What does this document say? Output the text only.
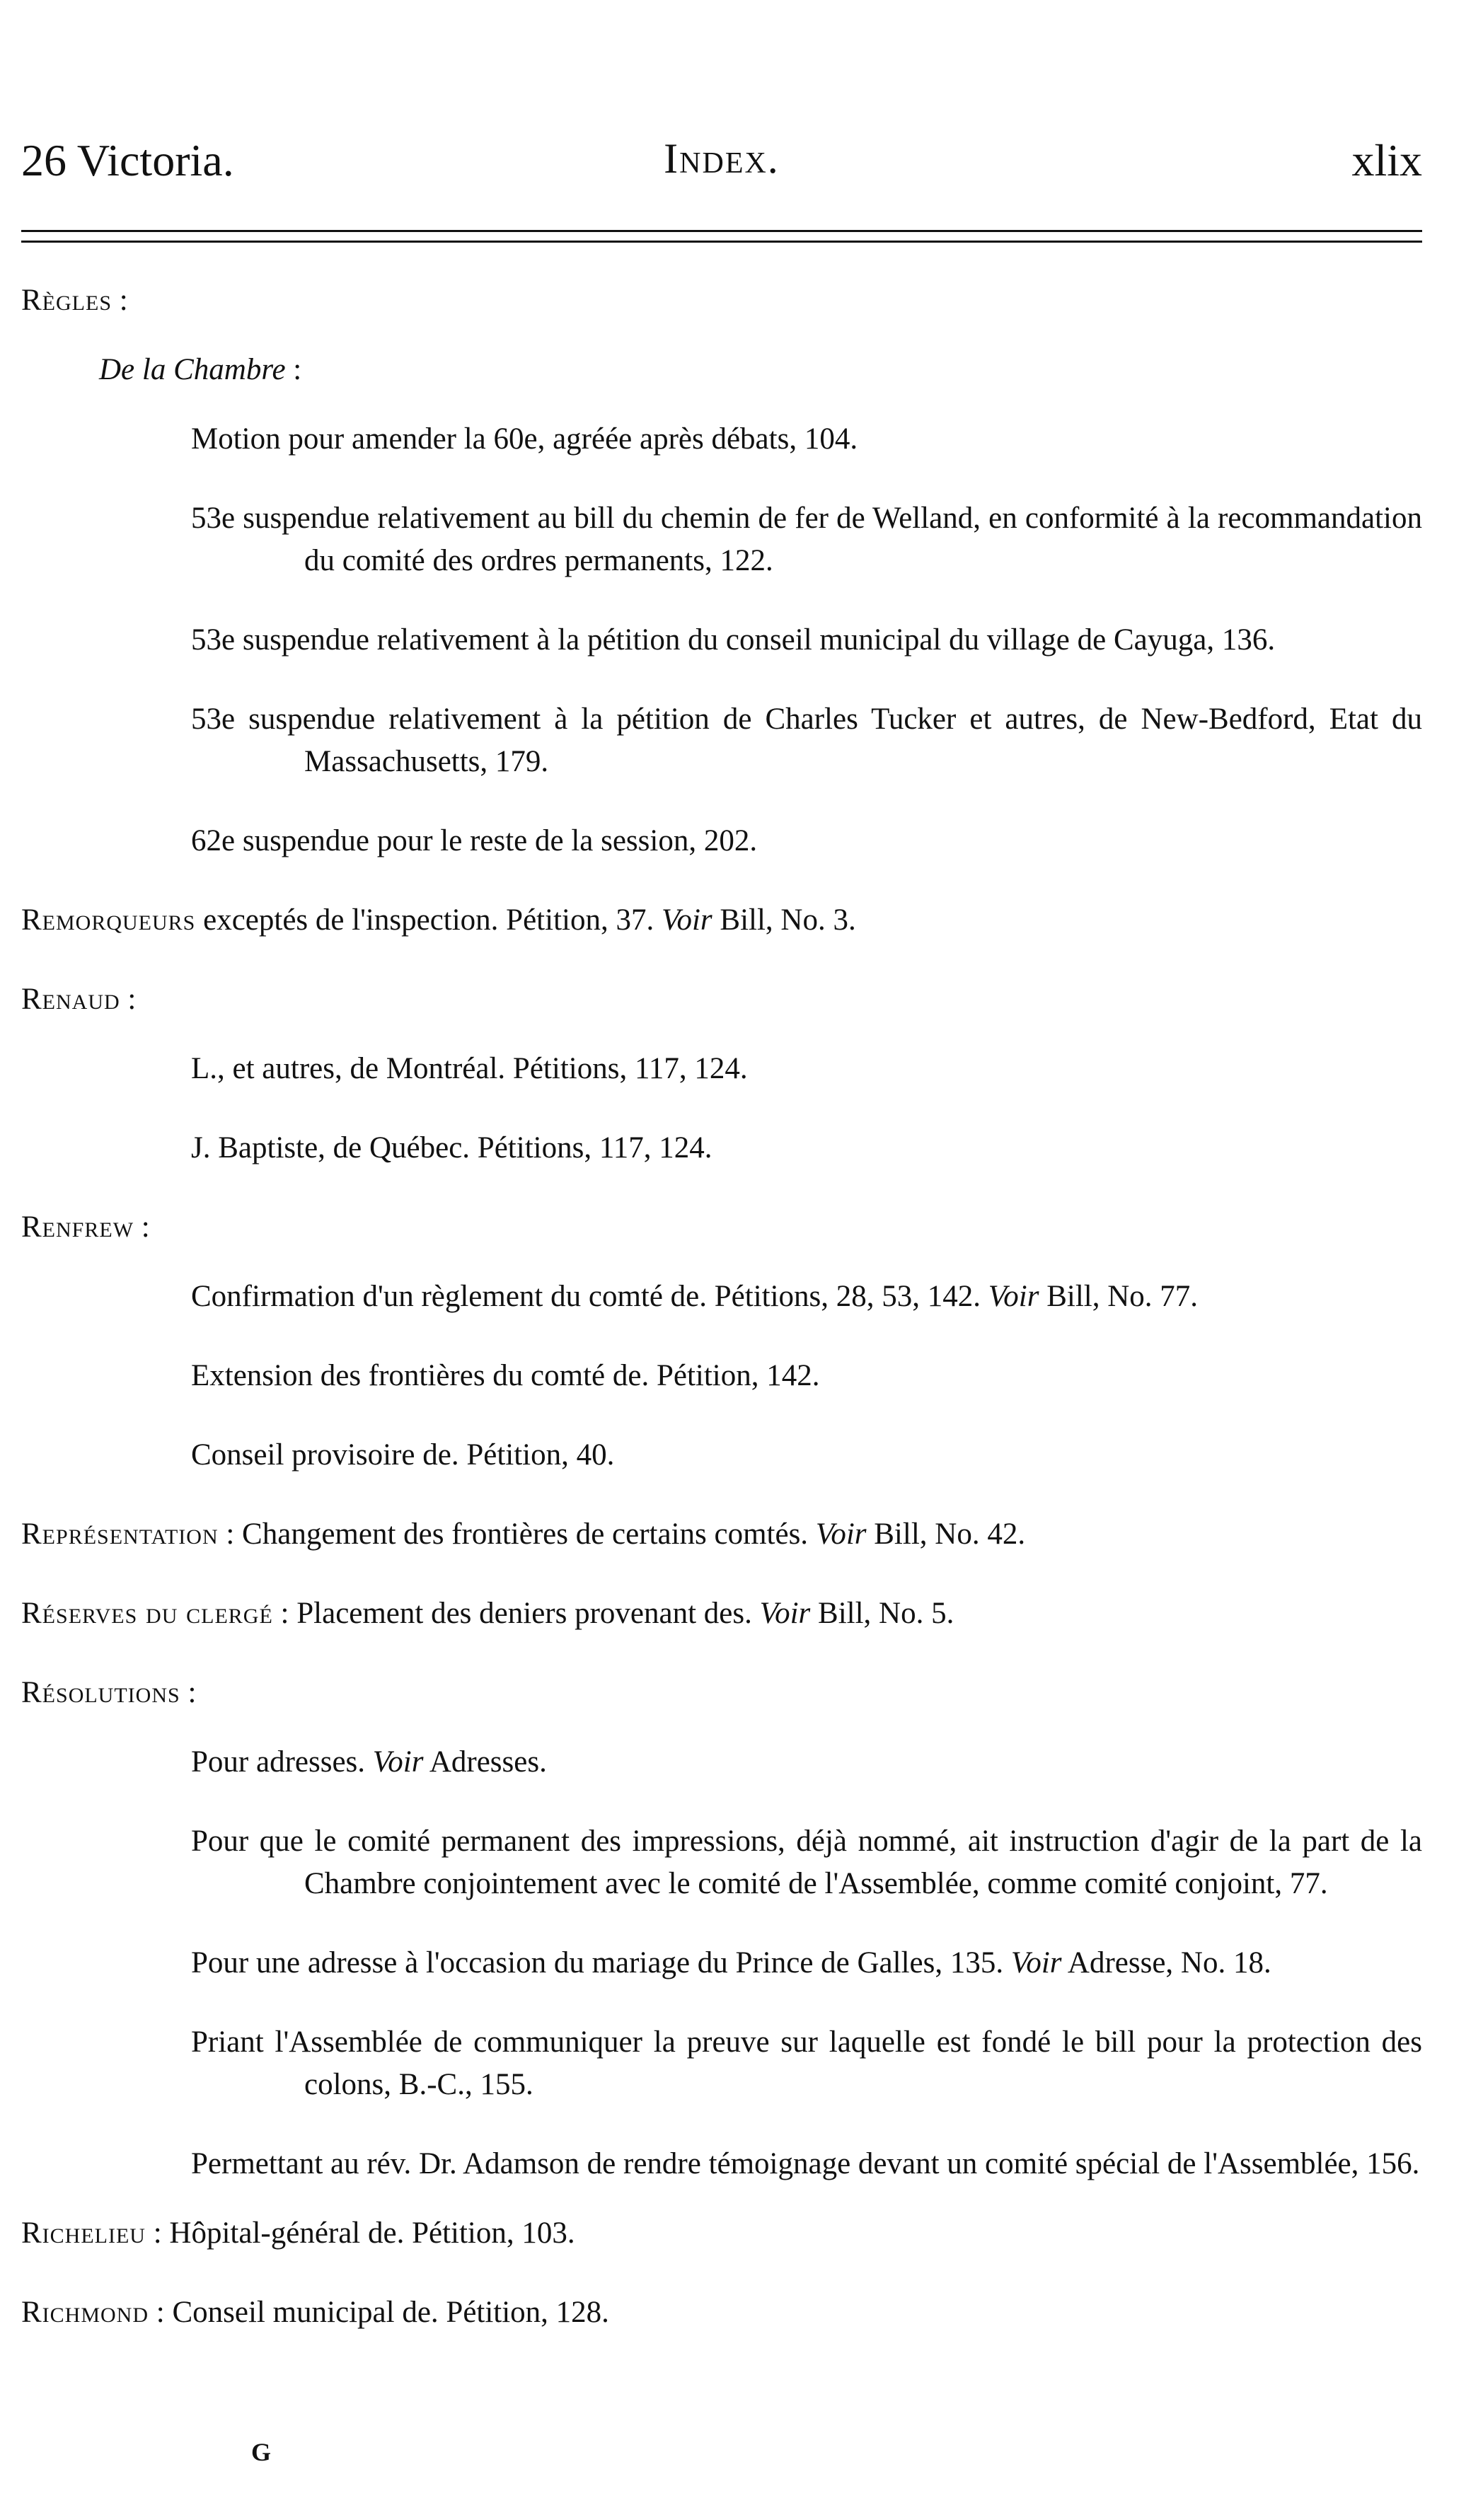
26 Victoria.	Index.	xlix
Règles :
De la Chambre :
Motion pour amender la 60e, agréée après débats, 104.
53e suspendue relativement au bill du chemin de fer de Welland, en conformité à la recommandation du comité des ordres permanents, 122.
53e suspendue relativement à la pétition du conseil municipal du village de Cayuga, 136.
53e suspendue relativement à la pétition de Charles Tucker et autres, de New-Bedford, Etat du Massachusetts, 179.
62e suspendue pour le reste de la session, 202.
Remorqueurs exceptés de l'inspection. Pétition, 37. Voir Bill, No. 3.
Renaud :
L., et autres, de Montréal. Pétitions, 117, 124.
J. Baptiste, de Québec. Pétitions, 117, 124.
Renfrew :
Confirmation d'un règlement du comté de. Pétitions, 28, 53, 142. Voir Bill, No. 77.
Extension des frontières du comté de. Pétition, 142.
Conseil provisoire de. Pétition, 40.
Représentation : Changement des frontières de certains comtés. Voir Bill, No. 42.
Réserves du clergé : Placement des deniers provenant des. Voir Bill, No. 5.
Résolutions :
Pour adresses. Voir Adresses.
Pour que le comité permanent des impressions, déjà nommé, ait instruction d'agir de la part de la Chambre conjointement avec le comité de l'Assemblée, comme comité conjoint, 77.
Pour une adresse à l'occasion du mariage du Prince de Galles, 135. Voir Adresse, No. 18.
Priant l'Assemblée de communiquer la preuve sur laquelle est fondé le bill pour la protection des colons, B.-C., 155.
Permettant au rév. Dr. Adamson de rendre témoignage devant un comité spécial de l'Assemblée, 156.
Richelieu : Hôpital-général de. Pétition, 103.
Richmond : Conseil municipal de. Pétition, 128.
G
